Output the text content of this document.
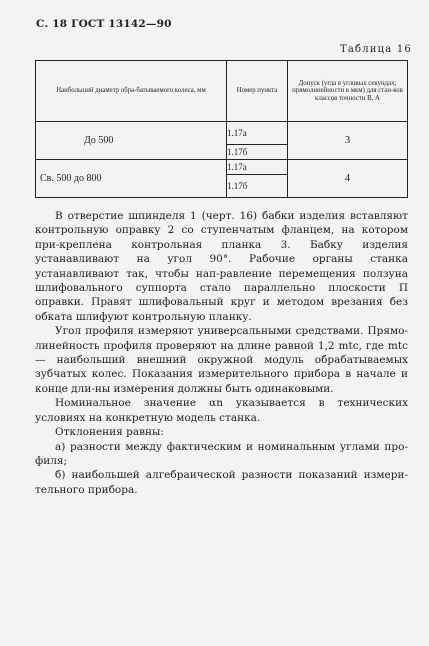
С. 18 ГОСТ 13142—90
Таблица 16
Наибольший диаметр обра-батываемого колеса, мм	Номер пункта	Допуск (угла в угловых секундах; прямолинейности в мкм) для стан-ков классов точности В, А
До 500	1.17а	3
	1.17б	
Св. 500 до 800	1.17а	4
	1.17б	

В отверстие шпинделя 1 (черт. 16) бабки изделия вставляют контрольную оправку 2 со ступенчатым фланцем, на котором при-креплена контрольная планка 3. Бабку изделия устанавливают на угол 90°. Рабочие органы станка устанавливают так, чтобы нап-равление перемещения ползуна шлифовального суппорта стало параллельно плоскости П оправки. Правят шлифовальный круг и методом врезания без обката шлифуют контрольную планку.

Угол профиля измеряют универсальными средствами. Прямо-линейность профиля проверяют на длине равной 1,2 mtc, где mtc — наибольший внешний окружной модуль обрабатываемых зубчатых колес. Показания измерительного прибора в начале и конце дли-ны измерения должны быть одинаковыми.

Номинальное значение αn указывается в технических условиях на конкретную модель станка.

Отклонения равны:

а) разности между фактическим и номинальным углами про-филя;

б) наибольшей алгебраической разности показаний измери-тельного прибора.
